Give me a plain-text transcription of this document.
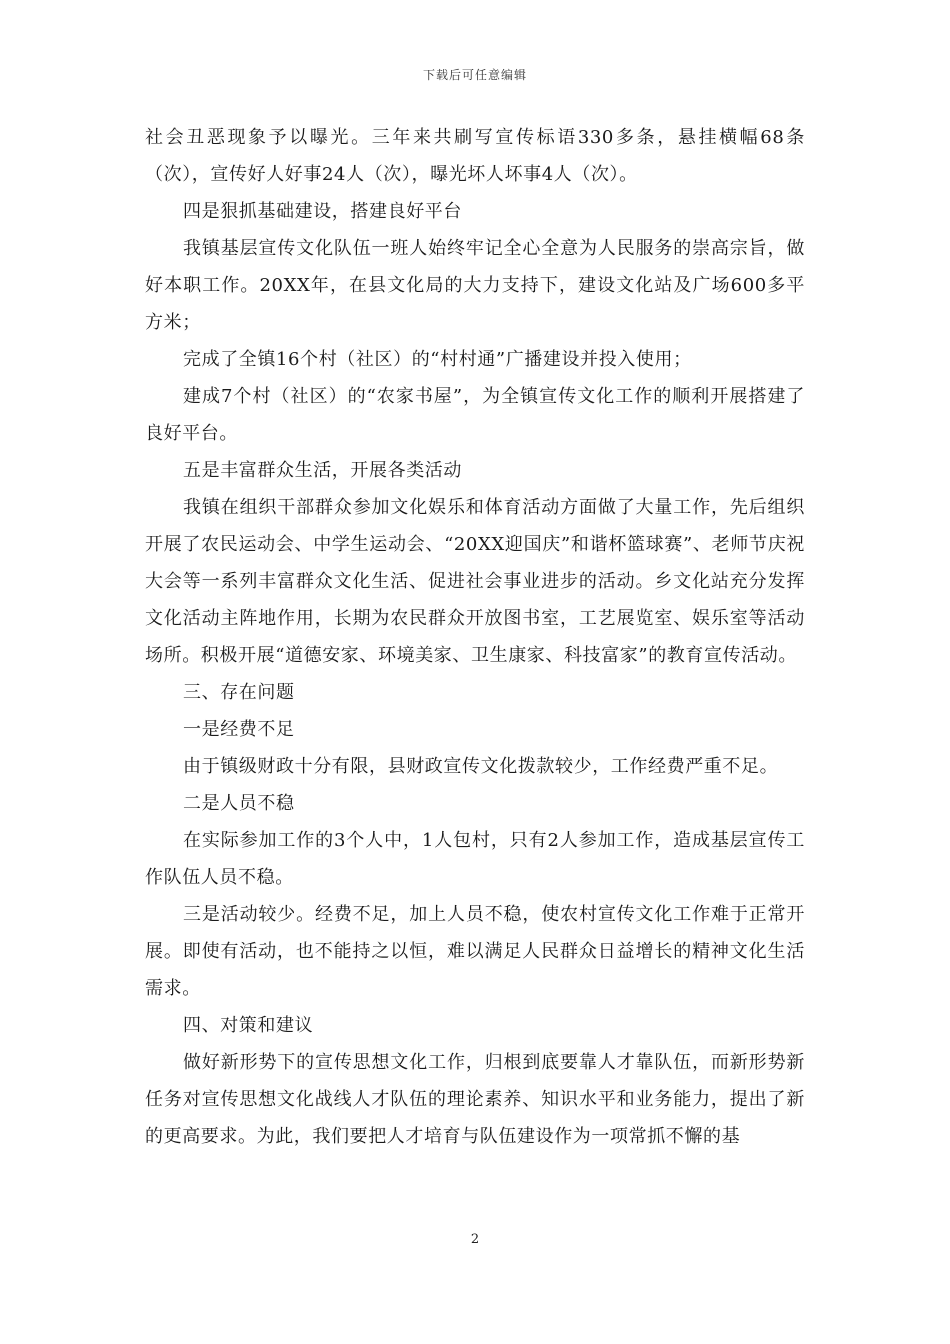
下载后可任意编辑

社会丑恶现象予以曝光。三年来共刷写宣传标语330多条，悬挂横幅68条（次），宣传好人好事24人（次），曝光坏人坏事4人（次）。

四是狠抓基础建设，搭建良好平台

我镇基层宣传文化队伍一班人始终牢记全心全意为人民服务的崇高宗旨，做好本职工作。20XX年，在县文化局的大力支持下，建设文化站及广场600多平方米；

完成了全镇16个村（社区）的“村村通”广播建设并投入使用；

建成7个村（社区）的“农家书屋”，为全镇宣传文化工作的顺利开展搭建了良好平台。

五是丰富群众生活，开展各类活动

我镇在组织干部群众参加文化娱乐和体育活动方面做了大量工作，先后组织开展了农民运动会、中学生运动会、“20XX迎国庆”和谐杯篮球赛”、老师节庆祝大会等一系列丰富群众文化生活、促进社会事业进步的活动。乡文化站充分发挥文化活动主阵地作用，长期为农民群众开放图书室，工艺展览室、娱乐室等活动场所。积极开展“道德安家、环境美家、卫生康家、科技富家”的教育宣传活动。

三、存在问题

一是经费不足

由于镇级财政十分有限，县财政宣传文化拨款较少，工作经费严重不足。

二是人员不稳

在实际参加工作的3个人中，1人包村，只有2人参加工作，造成基层宣传工作队伍人员不稳。

三是活动较少。经费不足，加上人员不稳，使农村宣传文化工作难于正常开展。即使有活动，也不能持之以恒，难以满足人民群众日益增长的精神文化生活需求。

四、对策和建议

做好新形势下的宣传思想文化工作，归根到底要靠人才靠队伍，而新形势新任务对宣传思想文化战线人才队伍的理论素养、知识水平和业务能力，提出了新的更高要求。为此，我们要把人才培育与队伍建设作为一项常抓不懈的基

2
